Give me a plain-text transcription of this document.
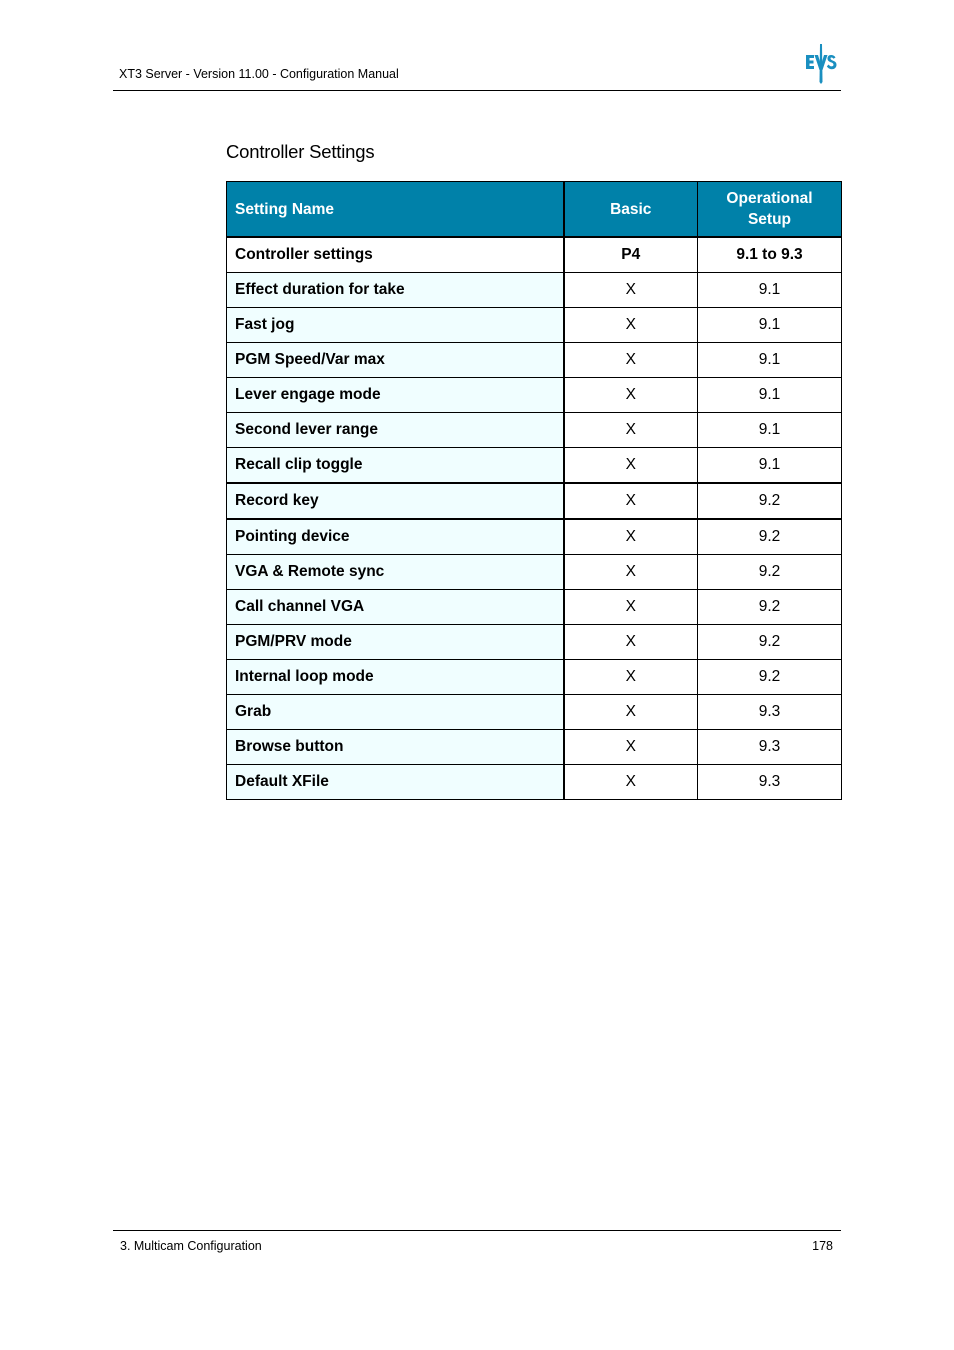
XT3 Server - Version 11.00 - Configuration Manual
Controller Settings
Setting Name	Basic	Operational Setup
Controller settings	P4	9.1 to 9.3
Effect duration for take	X	9.1
Fast jog	X	9.1
PGM Speed/Var max	X	9.1
Lever engage mode	X	9.1
Second lever range	X	9.1
Recall clip toggle	X	9.1
Record key	X	9.2
Pointing device	X	9.2
VGA & Remote sync	X	9.2
Call channel VGA	X	9.2
PGM/PRV mode	X	9.2
Internal loop mode	X	9.2
Grab	X	9.3
Browse button	X	9.3
Default XFile	X	9.3
3. Multicam Configuration	178
